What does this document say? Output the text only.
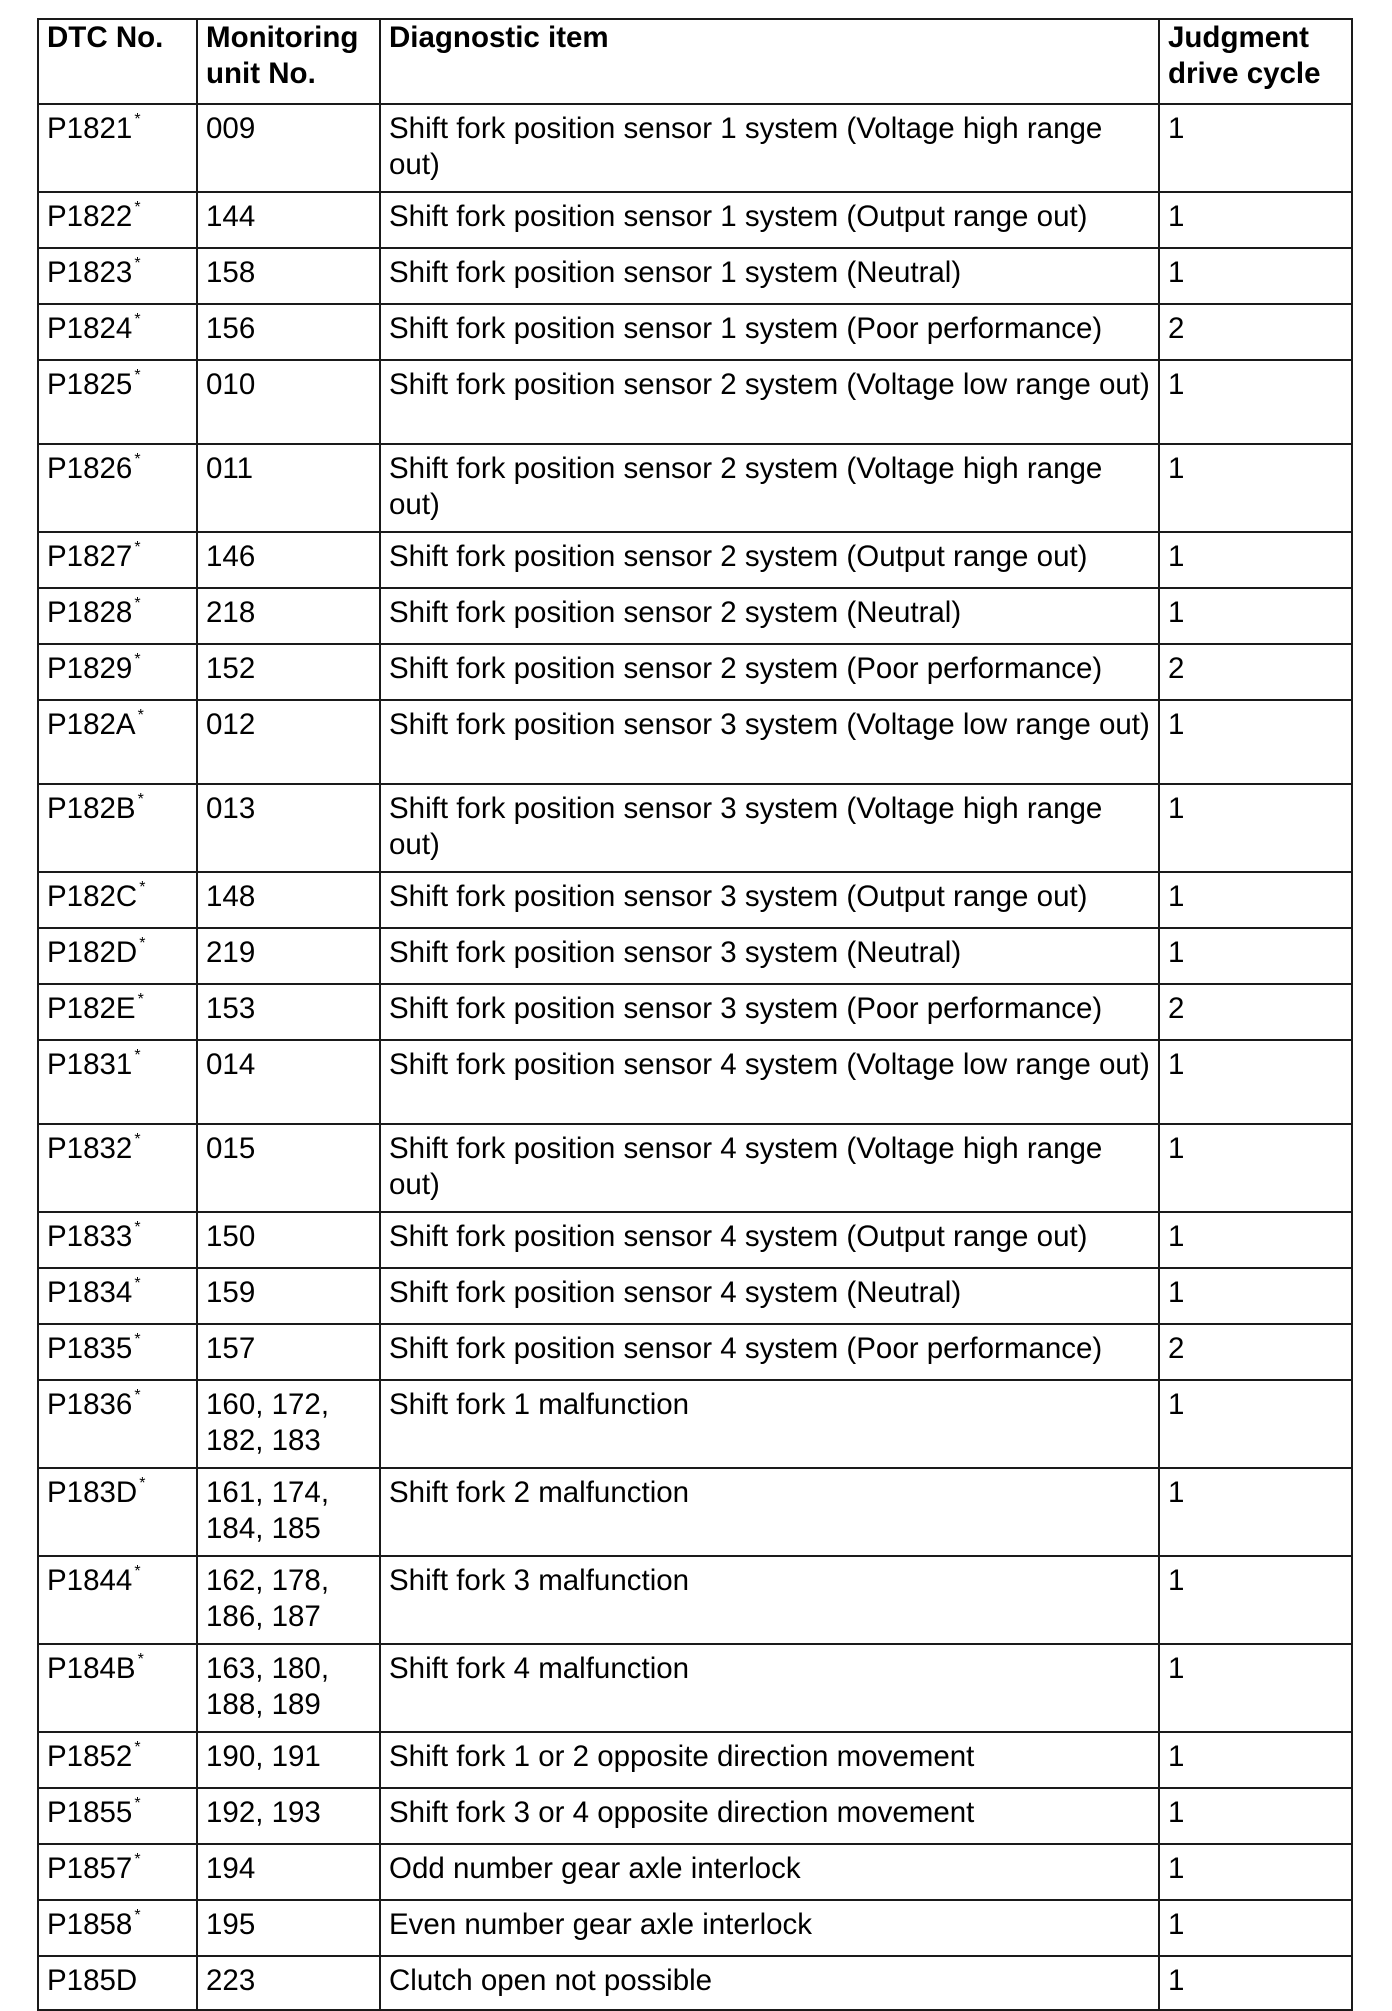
DTC No.	Monitoring unit No.	Diagnostic item	Judgment drive cycle
P1821 *	009	Shift fork position sensor 1 system (Voltage high range out)	1
P1822 *	144	Shift fork position sensor 1 system (Output range out)	1
P1823 *	158	Shift fork position sensor 1 system (Neutral)	1
P1824 *	156	Shift fork position sensor 1 system (Poor performance)	2
P1825 *	010	Shift fork position sensor 2 system (Voltage low range out)	1
P1826 *	011	Shift fork position sensor 2 system (Voltage high range out)	1
P1827 *	146	Shift fork position sensor 2 system (Output range out)	1
P1828 *	218	Shift fork position sensor 2 system (Neutral)	1
P1829 *	152	Shift fork position sensor 2 system (Poor performance)	2
P182A *	012	Shift fork position sensor 3 system (Voltage low range out)	1
P182B *	013	Shift fork position sensor 3 system (Voltage high range out)	1
P182C *	148	Shift fork position sensor 3 system (Output range out)	1
P182D *	219	Shift fork position sensor 3 system (Neutral)	1
P182E *	153	Shift fork position sensor 3 system (Poor performance)	2
P1831 *	014	Shift fork position sensor 4 system (Voltage low range out)	1
P1832 *	015	Shift fork position sensor 4 system (Voltage high range out)	1
P1833 *	150	Shift fork position sensor 4 system (Output range out)	1
P1834 *	159	Shift fork position sensor 4 system (Neutral)	1
P1835 *	157	Shift fork position sensor 4 system (Poor performance)	2
P1836 *	160, 172, 182, 183	Shift fork 1 malfunction	1
P183D *	161, 174, 184, 185	Shift fork 2 malfunction	1
P1844 *	162, 178, 186, 187	Shift fork 3 malfunction	1
P184B *	163, 180, 188, 189	Shift fork 4 malfunction	1
P1852 *	190, 191	Shift fork 1 or 2 opposite direction movement	1
P1855 *	192, 193	Shift fork 3 or 4 opposite direction movement	1
P1857 *	194	Odd number gear axle interlock	1
P1858 *	195	Even number gear axle interlock	1
P185D	223	Clutch open not possible	1
